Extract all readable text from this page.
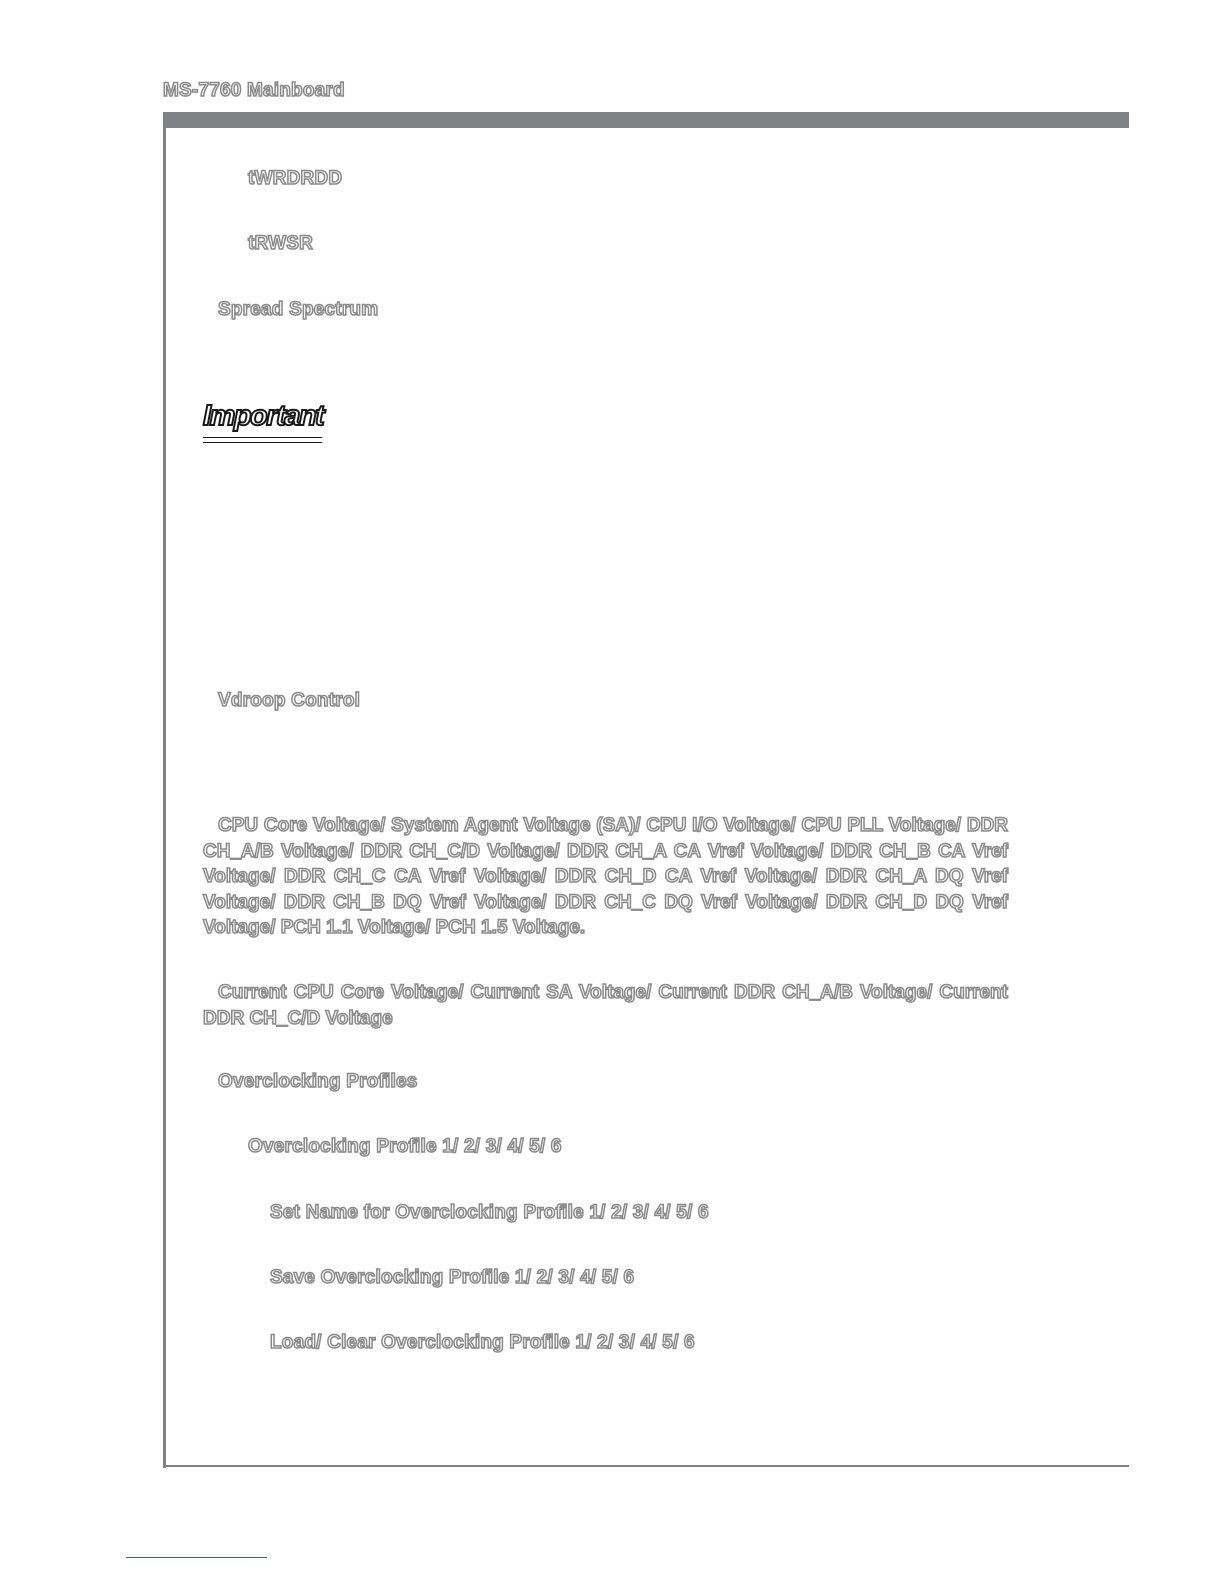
MS-7760 Mainboard
tWRDRDD
tRWSR
Spread Spectrum
Important
Vdroop Control
CPU Core Voltage/ System Agent Voltage (SA)/ CPU I/O Voltage/ CPU PLL Voltage/ DDR CH_A/B Voltage/ DDR CH_C/D Voltage/ DDR CH_A CA Vref Voltage/ DDR CH_B CA Vref Voltage/ DDR CH_C CA Vref Voltage/ DDR CH_D CA Vref Voltage/ DDR CH_A DQ Vref Voltage/ DDR CH_B DQ Vref Voltage/ DDR CH_C DQ Vref Voltage/ DDR CH_D DQ Vref Voltage/ PCH 1.1 Voltage/ PCH 1.5 Voltage.
Current CPU Core Voltage/ Current SA Voltage/ Current DDR CH_A/B Voltage/ Current DDR CH_C/D Voltage
Overclocking Profiles
Overclocking Profile 1/ 2/ 3/ 4/ 5/ 6
Set Name for Overclocking Profile 1/ 2/ 3/ 4/ 5/ 6
Save Overclocking Profile 1/ 2/ 3/ 4/ 5/ 6
Load/ Clear Overclocking Profile 1/ 2/ 3/ 4/ 5/ 6
